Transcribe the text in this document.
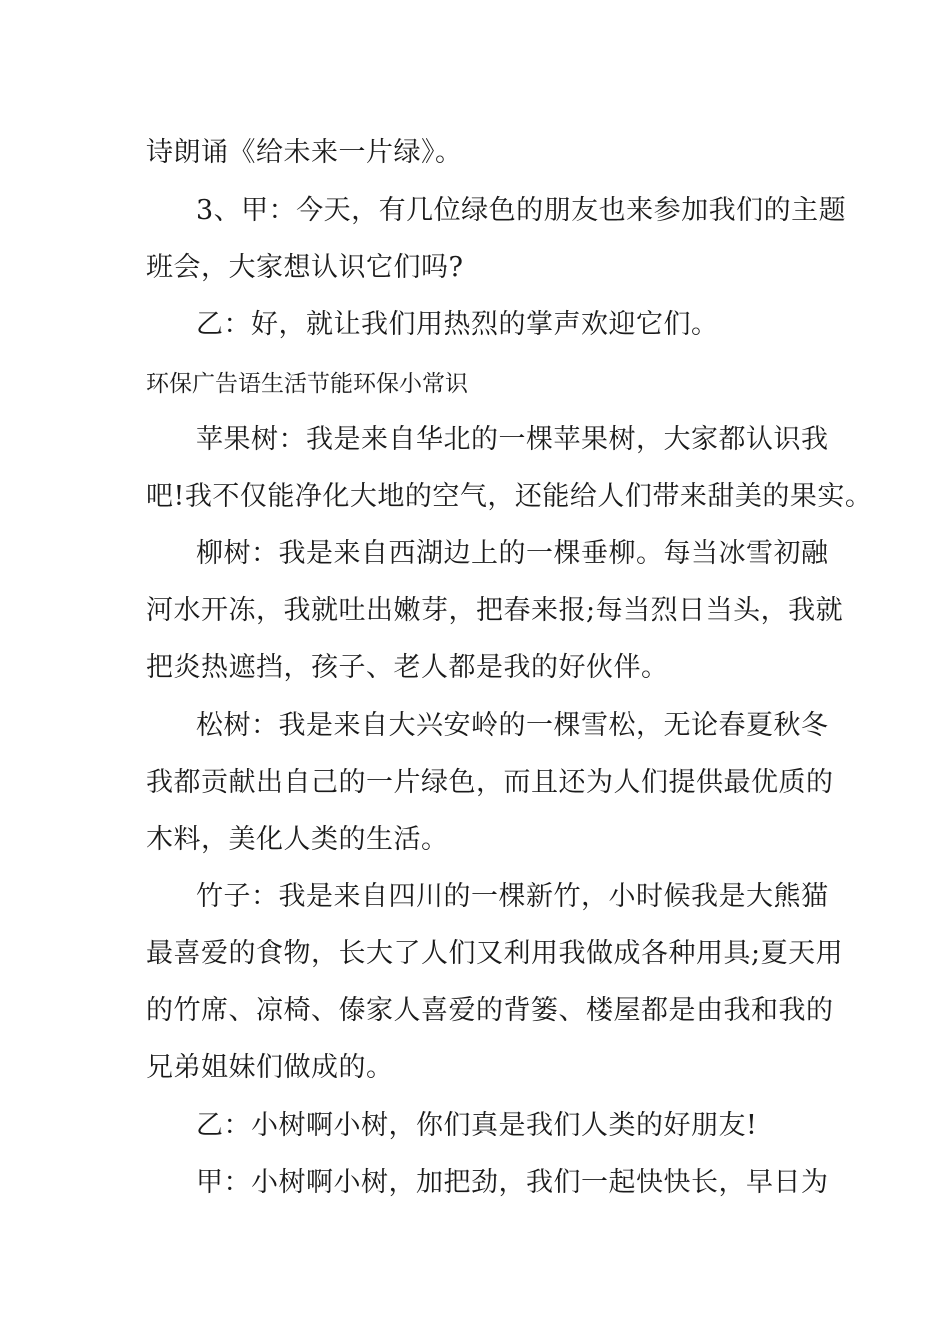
诗朗诵《给未来一片绿》。
3、甲：今天，有几位绿色的朋友也来参加我们的主题
班会，大家想认识它们吗?
乙：好，就让我们用热烈的掌声欢迎它们。
环保广告语生活节能环保小常识
苹果树：我是来自华北的一棵苹果树，大家都认识我
吧!我不仅能净化大地的空气，还能给人们带来甜美的果实。
柳树：我是来自西湖边上的一棵垂柳。每当冰雪初融
河水开冻，我就吐出嫩芽，把春来报;每当烈日当头，我就
把炎热遮挡，孩子、老人都是我的好伙伴。
松树：我是来自大兴安岭的一棵雪松，无论春夏秋冬
我都贡献出自己的一片绿色，而且还为人们提供最优质的
木料，美化人类的生活。
竹子：我是来自四川的一棵新竹，小时候我是大熊猫
最喜爱的食物，长大了人们又利用我做成各种用具;夏天用
的竹席、凉椅、傣家人喜爱的背篓、楼屋都是由我和我的
兄弟姐妹们做成的。
乙：小树啊小树，你们真是我们人类的好朋友!
甲：小树啊小树，加把劲，我们一起快快长，早日为
